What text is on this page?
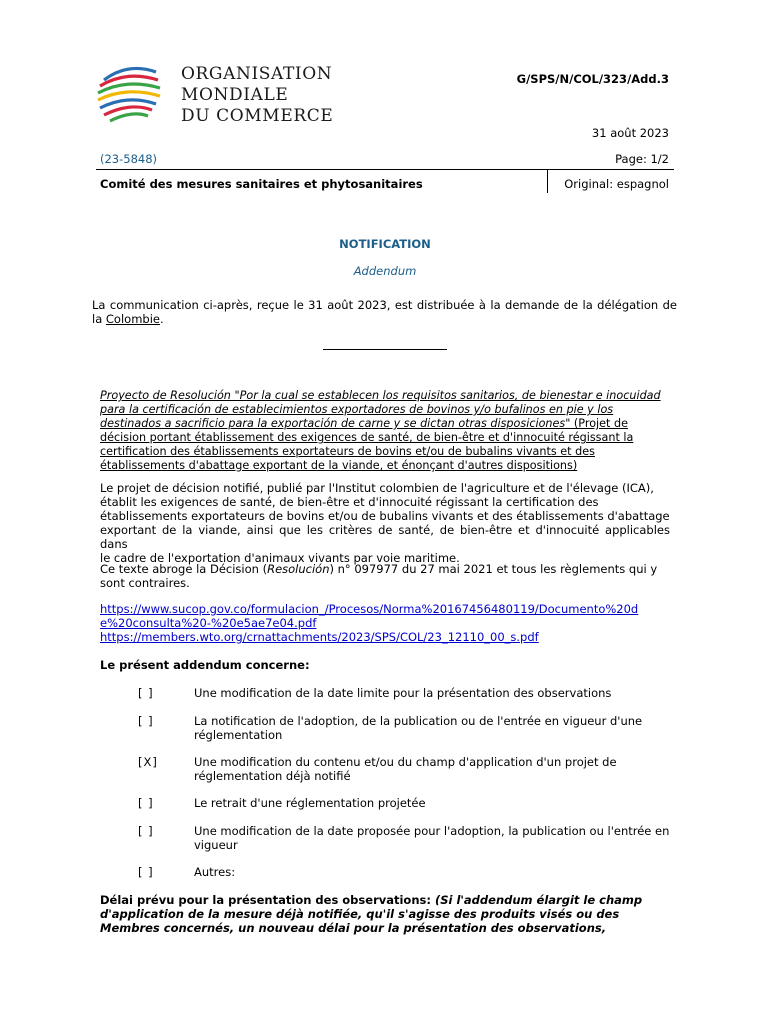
ORGANISATION
MONDIALE
DU COMMERCE
G/SPS/N/COL/323/Add.3
31 août 2023
(23-5848)	Page: 1/2
Comité des mesures sanitaires et phytosanitaires	Original: espagnol
NOTIFICATION
Addendum
La communication ci-après, reçue le 31 août 2023, est distribuée à la demande de la délégation de la Colombie.
Proyecto de Resolución "Por la cual se establecen los requisitos sanitarios, de bienestar e inocuidad
para la certificación de establecimientos exportadores de bovinos y/o bufalinos en pie y los
destinados a sacrificio para la exportación de carne y se dictan otras disposiciones" (Projet de
décision portant établissement des exigences de santé, de bien-être et d'innocuité régissant la
certification des établissements exportateurs de bovins et/ou de bubalins vivants et des
établissements d'abattage exportant de la viande, et énonçant d'autres dispositions)
Le projet de décision notifié, publié par l'Institut colombien de l'agriculture et de l'élevage (ICA),
établit les exigences de santé, de bien-être et d'innocuité régissant la certification des
établissements exportateurs de bovins et/ou de bubalins vivants et des établissements d'abattage
exportant de la viande, ainsi que les critères de santé, de bien-être et d'innocuité applicables dans
le cadre de l'exportation d'animaux vivants par voie maritime.
Ce texte abroge la Décision (Resolución) n° 097977 du 27 mai 2021 et tous les règlements qui y
sont contraires.
https://www.sucop.gov.co/formulacion_/Procesos/Norma%20167456480119/Documento%20d
e%20consulta%20-%20e5ae7e04.pdf
https://members.wto.org/crnattachments/2023/SPS/COL/23_12110_00_s.pdf
Le présent addendum concerne:
[ ]	Une modification de la date limite pour la présentation des observations
[ ]	La notification de l'adoption, de la publication ou de l'entrée en vigueur d'une
réglementation
[X]	Une modification du contenu et/ou du champ d'application d'un projet de
réglementation déjà notifié
[ ]	Le retrait d'une réglementation projetée
[ ]	Une modification de la date proposée pour l'adoption, la publication ou l'entrée en
vigueur
[ ]	Autres:
Délai prévu pour la présentation des observations: (Si l'addendum élargit le champ
d'application de la mesure déjà notifiée, qu'il s'agisse des produits visés ou des
Membres concernés, un nouveau délai pour la présentation des observations,
